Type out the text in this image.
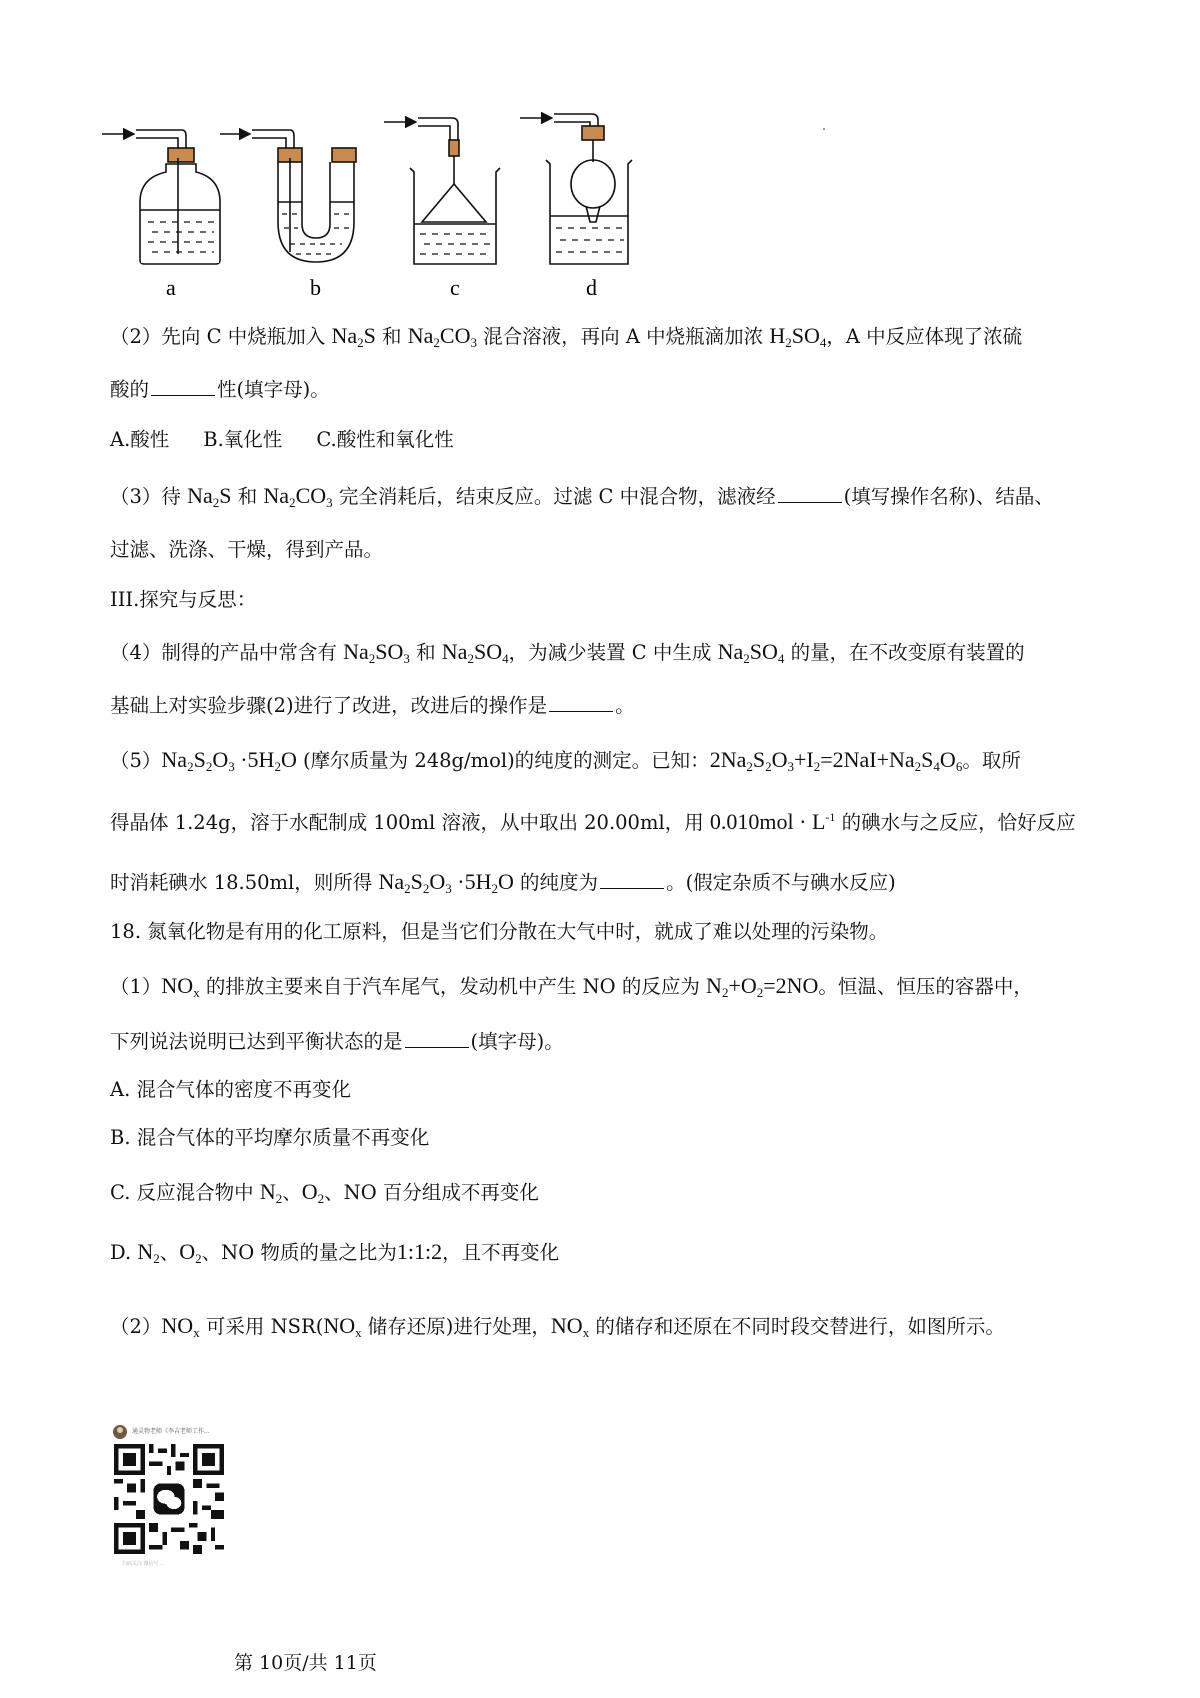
a	b	c	d
（2）先向 C 中烧瓶加入 $Na_2S$ 和 $Na_2CO_3$ 混合溶液，再向 A 中烧瓶滴加浓 $H_2SO_4$，A 中反应体现了浓硫
酸的	性(填字母)。
A.酸性 B.氧化性 C.酸性和氧化性
（3）待 $Na_2S$ 和 $Na_2CO_3$ 完全消耗后，结束反应。过滤 C 中混合物，滤液经	(填写操作名称)、结晶、
过滤、洗涤、干燥，得到产品。
III.探究与反思：
（4）制得的产品中常含有 $Na_2SO_3$ 和 $Na_2SO_4$，为减少装置 C 中生成 $Na_2SO_4$ 的量，在不改变原有装置的
基础上对实验步骤(2)进行了改进，改进后的操作是	。
$(5)Na_2S_2O_3 \cdot 5H_2O$ (摩尔质量为 248g/mol)的纯度的测定。已知：$2Na_2S_2O_3+I_2=2NaI+Na_2S_4O_6$。取所
得晶体 1.24g，溶于水配制成 100ml 溶液，从中取出 20.00ml，用 $0.010mol \cdot L^{-1}$ 的碘水与之反应，恰好反应
时消耗碘水 18.50ml，则所得 $Na_2S_2O_3 \cdot 5H_2O$ 的纯度为	。(假定杂质不与碘水反应)
18. 氮氧化物是有用的化工原料，但是当它们分散在大气中时，就成了难以处理的污染物。
$(1)NO_x$ 的排放主要来自于汽车尾气，发动机中产生 NO 的反应为 $N_2+O_2=2NO$。恒温、恒压的容器中，
下列说法说明已达到平衡状态的是	(填字母)。
A. 混合气体的密度不再变化
B. 混合气体的平均摩尔质量不再变化
C. 反应混合物中 $N_2$、$O_2$、NO 百分组成不再变化
D. $N_2$、$O_2$、NO 物质的量之比为1:1:2，且不再变化
$(2)NO_x$ 可采用 $NSR(NO_x$ 储存还原)进行处理，$NO_x$ 的储存和还原在不同时段交替进行，如图所示。
通灵物老师《李吉老师工作...
扫码关注 微信号 ...
第 10页/共 11页
